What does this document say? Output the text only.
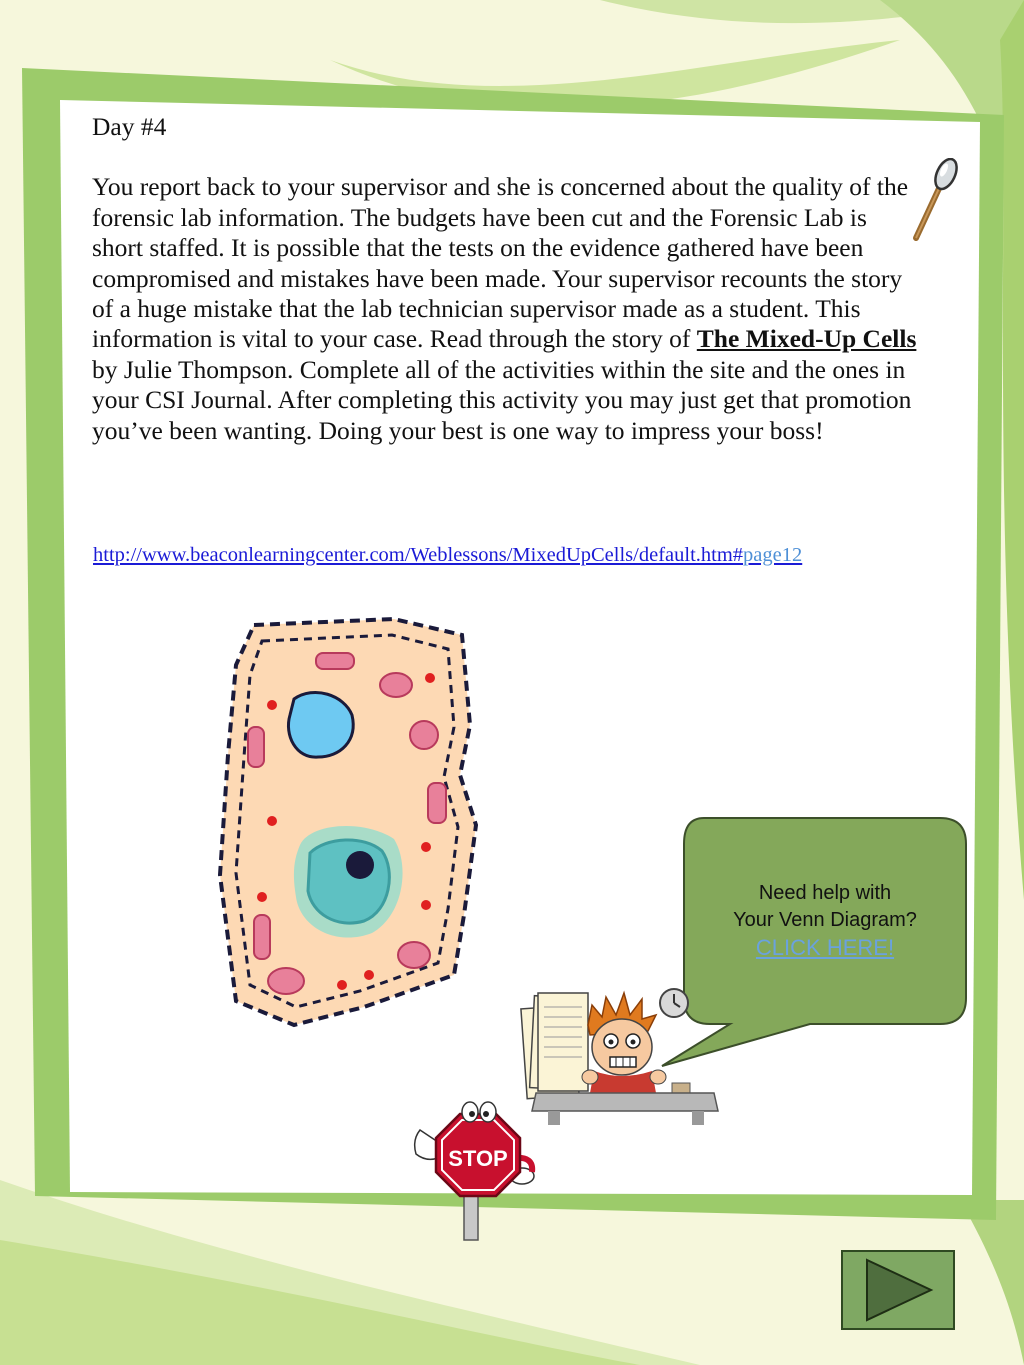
Day #4

You report back to your supervisor and she is concerned about the quality of the forensic lab information. The budgets have been cut and the Forensic Lab is short staffed. It is possible that the tests on the evidence gathered have been compromised and mistakes have been made. Your supervisor recounts the story of a huge mistake that the lab technician supervisor made as a student. This information is vital to your case. Read through the story of The Mixed-Up Cells by Julie Thompson. Complete all of the activities within the site and the ones in your CSI Journal. After completing this activity you may just get that promotion you’ve been wanting. Doing your best is one way to impress your boss!

http://www.beaconlearningcenter.com/Weblessons/MixedUpCells/default.htm#page12
Need help with
Your Venn Diagram?
CLICK HERE!
STOP
